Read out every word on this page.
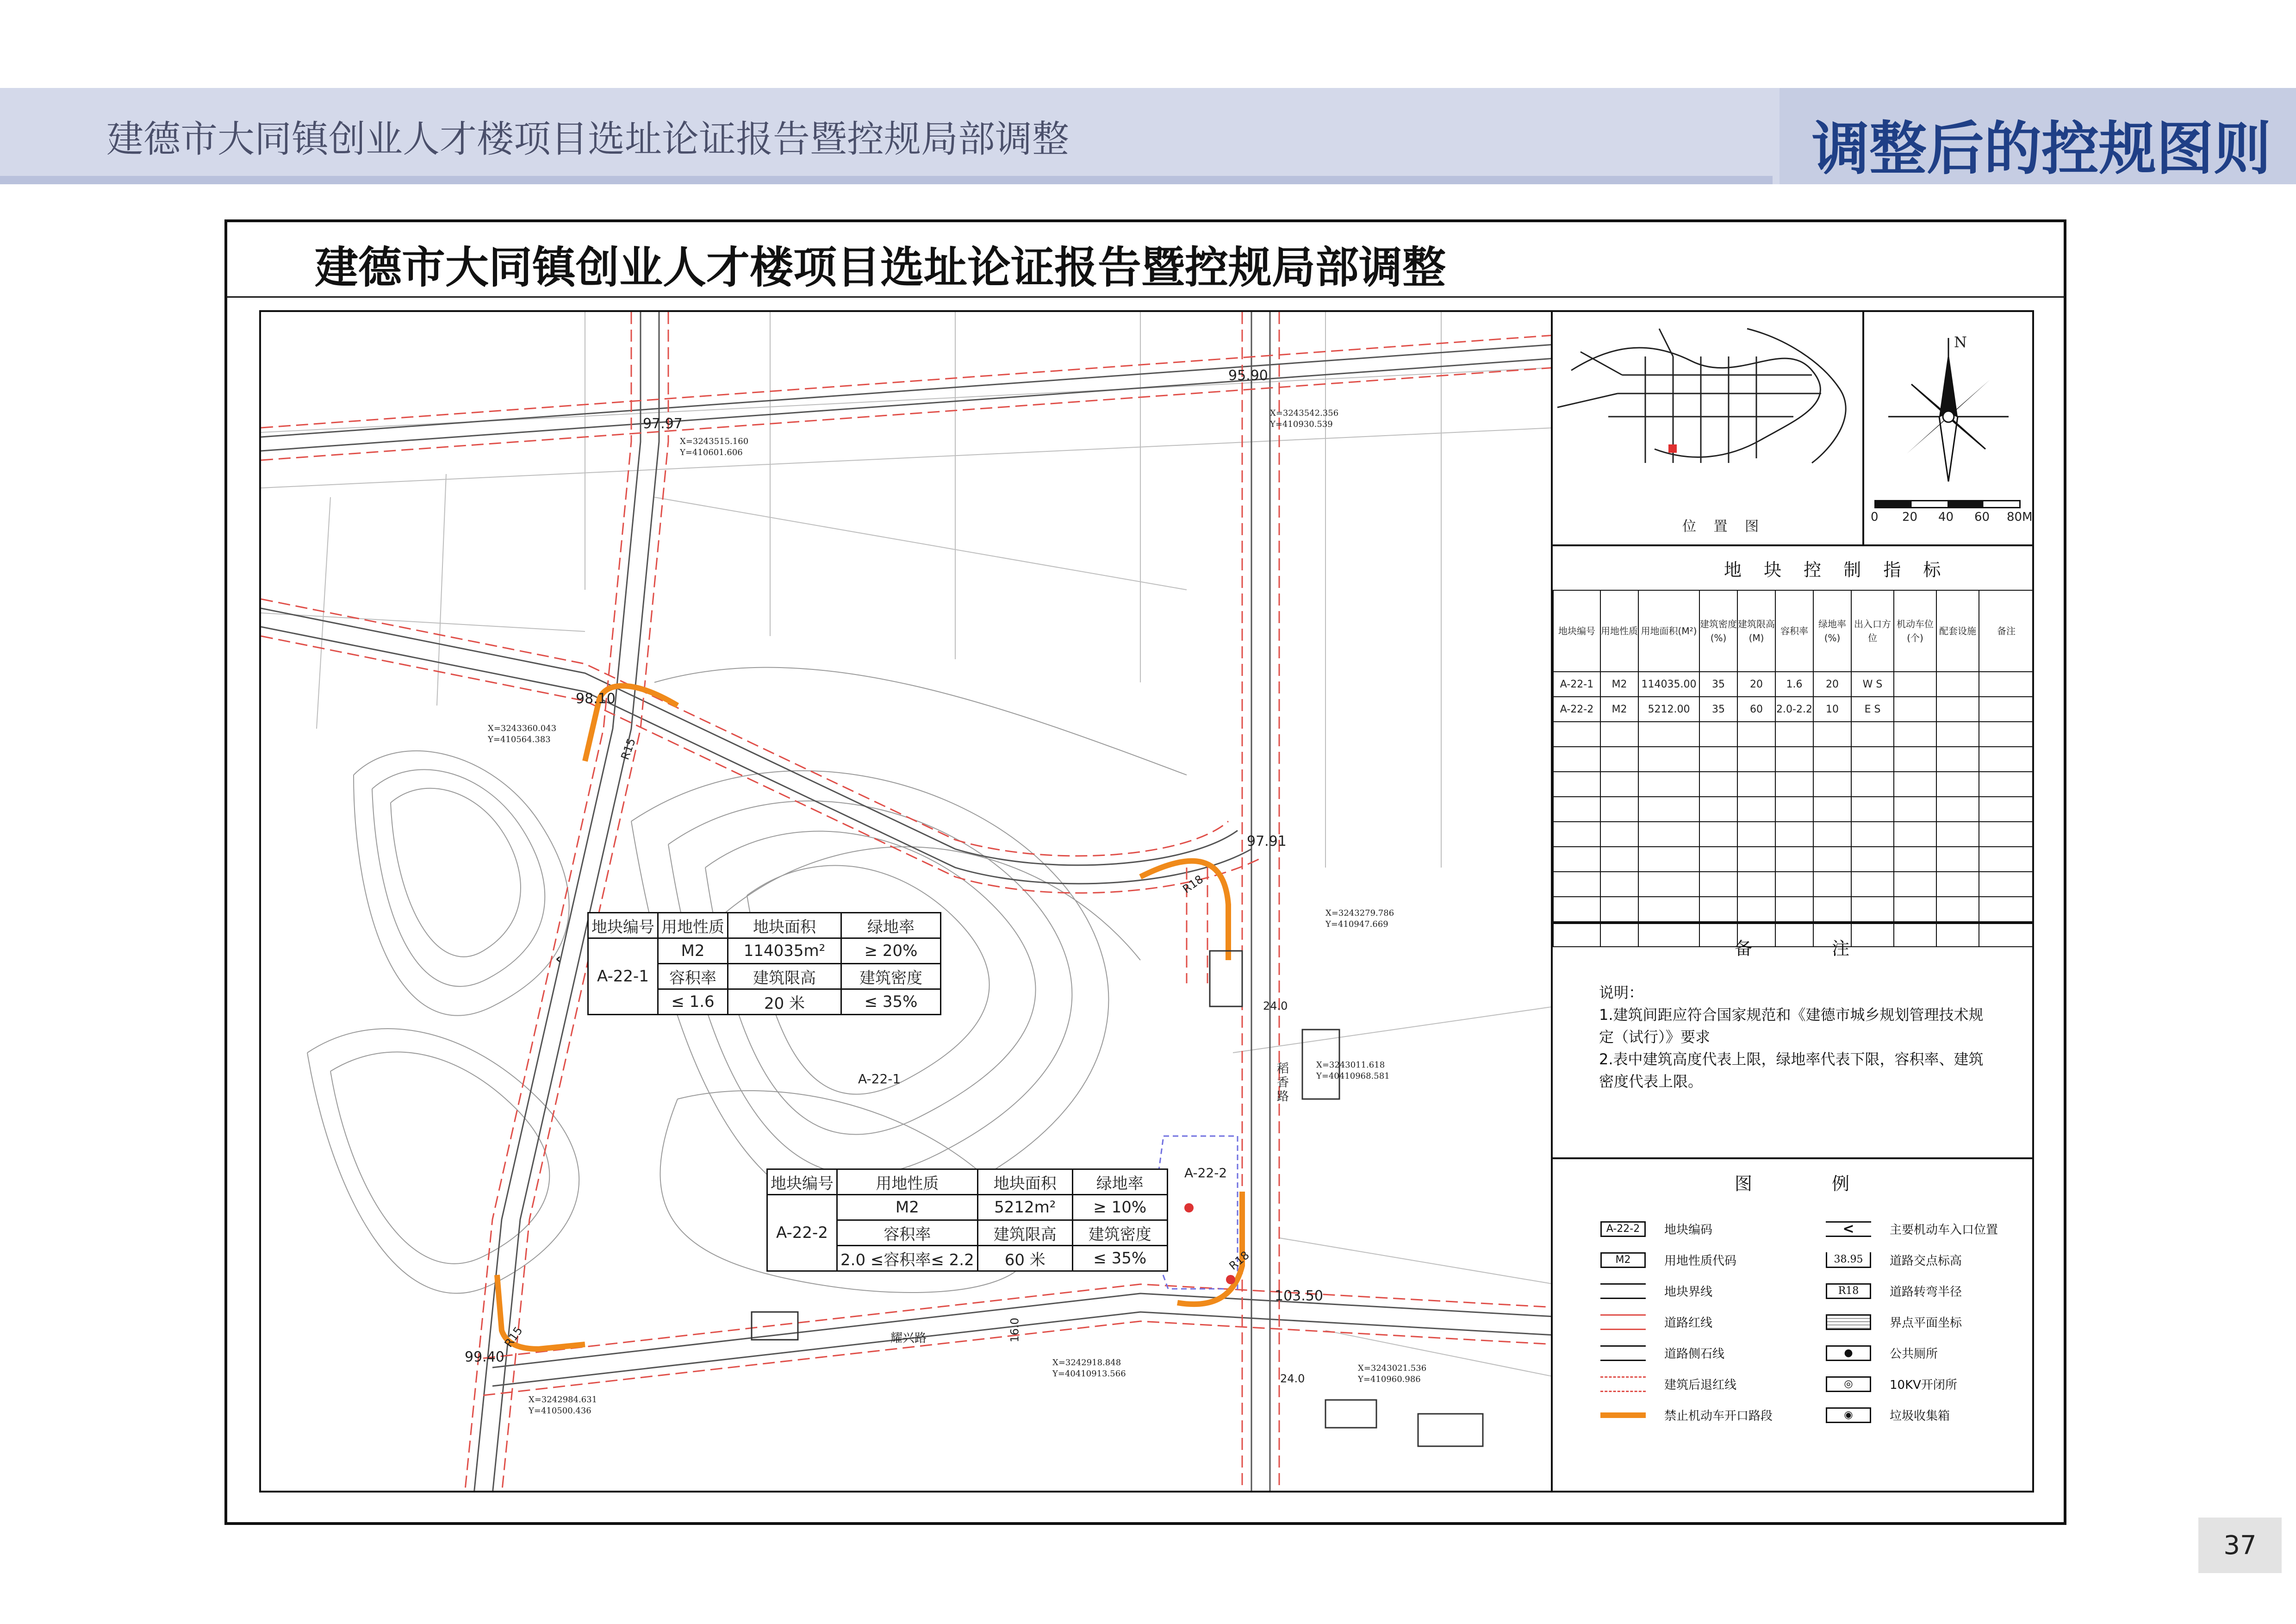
建德市大同镇创业人才楼项目选址论证报告暨控规局部调整	调整后的控规图则
建德市大同镇创业人才楼项目选址论证报告暨控规局部调整
95.90
97.97
98.10
97.91
103.50
99.40
X=3243515.160
Y=410601.606
X=3243542.356
Y=410930.539
X=3243360.043
Y=410564.383
X=3243279.786
Y=410947.669
X=3243011.618
Y=40410968.581
X=3242918.848
Y=40410913.566
X=3243021.536
Y=410960.986
X=3242984.631
Y=410500.436
R15
R18
R18
R15
24.0
24.0
16.0
稻香路
耀兴路
A-22-1
A-22-2
‹
地块编号	用地性质	地块面积	绿地率
A-22-1	M2	114035m²	≥ 20%
	容积率	建筑限高	建筑密度
	≤ 1.6	20 米	≤ 35%
地块编号	用地性质	地块面积	绿地率
A-22-2	M2	5212m²	≥ 10%
	容积率	建筑限高	建筑密度
	2.0 ≤容积率≤ 2.2	60 米	≤ 35%
位 置 图
N
0 20 40 60 80M
地 块 控 制 指 标
地块编号	用地性质	用地面积(M²)	建筑密度(%)	建筑限高(M)	容积率	绿地率(%)	出入口方位	机动车位(个)	配套设施	备注
A-22-1	M2	114035.00	35	20	1.6	20	W S			
A-22-2	M2	5212.00	35	60	2.0-2.2	10	E S			

备 注
说明：
1.建筑间距应符合国家规范和《建德市城乡规划管理技术规定（试行）》要求
2.表中建筑高度代表上限，绿地率代表下限，容积率、建筑密度代表上限。
图 例
A-22-2	地块编码
M2	用地性质代码
地块界线
道路红线
道路侧石线
建筑后退红线
禁止机动车开口路段
<	主要机动车入口位置
38.95	道路交点标高
R18	道路转弯半径
界点平面坐标
●	公共厕所
◎	10KV开闭所
◉	垃圾收集箱
37
